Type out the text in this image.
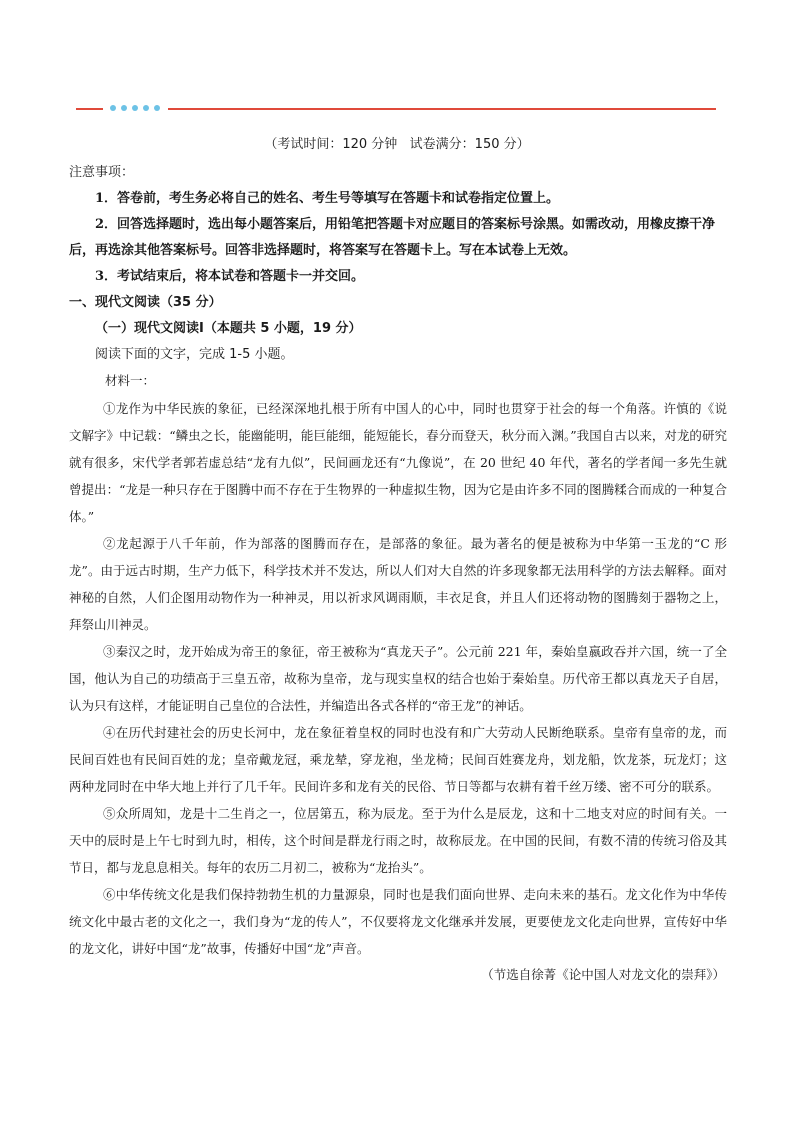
（考试时间：120 分钟   试卷满分：150 分）

注意事项：

1．答卷前，考生务必将自己的姓名、考生号等填写在答题卡和试卷指定位置上。

2．回答选择题时，选出每小题答案后，用铅笔把答题卡对应题目的答案标号涂黑。如需改动，用橡皮擦干净后，再选涂其他答案标号。回答非选择题时，将答案写在答题卡上。写在本试卷上无效。

3．考试结束后，将本试卷和答题卡一并交回。

一、现代文阅读（35 分）

（一）现代文阅读Ⅰ（本题共 5 小题，19 分）

阅读下面的文字，完成 1-5 小题。

材料一：

①龙作为中华民族的象征，已经深深地扎根于所有中国人的心中，同时也贯穿于社会的每一个角落。许慎的《说文解字》中记载：“鳞虫之长，能幽能明，能巨能细，能短能长，春分而登天，秋分而入渊。”我国自古以来，对龙的研究就有很多，宋代学者郭若虚总结“龙有九似”，民间画龙还有“九像说”，在 20 世纪 40 年代，著名的学者闻一多先生就曾提出：“龙是一种只存在于图腾中而不存在于生物界的一种虚拟生物，因为它是由许多不同的图腾糅合而成的一种复合体。”

②龙起源于八千年前，作为部落的图腾而存在，是部落的象征。最为著名的便是被称为中华第一玉龙的“C 形龙”。由于远古时期，生产力低下，科学技术并不发达，所以人们对大自然的许多现象都无法用科学的方法去解释。面对神秘的自然，人们企图用动物作为一种神灵，用以祈求风调雨顺，丰衣足食，并且人们还将动物的图腾刻于器物之上，拜祭山川神灵。

③秦汉之时，龙开始成为帝王的象征，帝王被称为“真龙天子”。公元前 221 年，秦始皇嬴政吞并六国，统一了全国，他认为自己的功绩高于三皇五帝，故称为皇帝，龙与现实皇权的结合也始于秦始皇。历代帝王都以真龙天子自居，认为只有这样，才能证明自己皇位的合法性，并编造出各式各样的“帝王龙”的神话。

④在历代封建社会的历史长河中，龙在象征着皇权的同时也没有和广大劳动人民断绝联系。皇帝有皇帝的龙，而民间百姓也有民间百姓的龙；皇帝戴龙冠，乘龙辇，穿龙袍，坐龙椅；民间百姓赛龙舟，划龙船，饮龙茶，玩龙灯；这两种龙同时在中华大地上并行了几千年。民间许多和龙有关的民俗、节日等都与农耕有着千丝万缕、密不可分的联系。

⑤众所周知，龙是十二生肖之一，位居第五，称为辰龙。至于为什么是辰龙，这和十二地支对应的时间有关。一天中的辰时是上午七时到九时，相传，这个时间是群龙行雨之时，故称辰龙。在中国的民间，有数不清的传统习俗及其节日，都与龙息息相关。每年的农历二月初二，被称为“龙抬头”。

⑥中华传统文化是我们保持勃勃生机的力量源泉，同时也是我们面向世界、走向未来的基石。龙文化作为中华传统文化中最古老的文化之一，我们身为“龙的传人”，不仅要将龙文化继承并发展，更要使龙文化走向世界，宣传好中华的龙文化，讲好中国“龙”故事，传播好中国“龙”声音。

（节选自徐菁《论中国人对龙文化的崇拜》）
